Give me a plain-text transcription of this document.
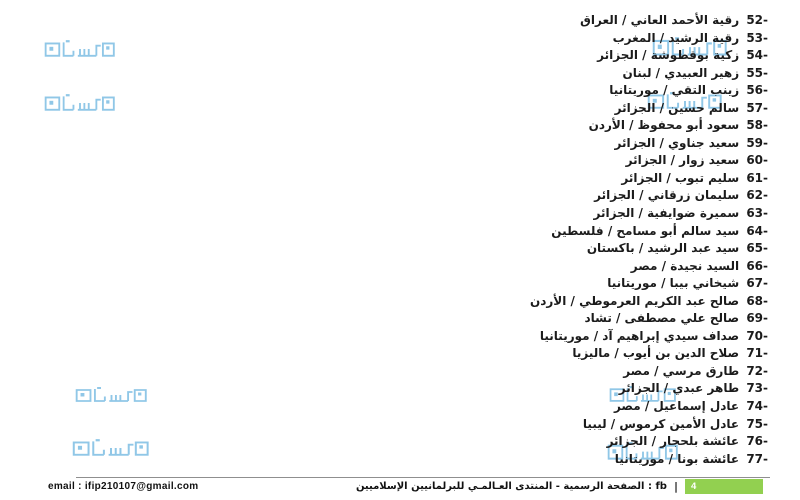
52- رقية الأحمد العاني / العراق
53- رقية الرشيد / المغرب
54- زكية بوقطوشة / الجزائر
55- زهير العبيدي / لبنان
56- زينب التقي / موريتانيا
57- سالم حسين / الجزائر
58- سعود أبو محفوظ / الأردن
59- سعيد جناوي / الجزائر
60- سعيد زوار / الجزائر
61- سليم تبوب / الجزائر
62- سليمان زرقاني / الجزائر
63- سميرة ضوايفية / الجزائر
64- سيد سالم أبو مسامح / فلسطين
65- سيد عبد الرشيد / باكستان
66- السيد نجيدة / مصر
67- شيخاني بيبا / موريتانيا
68- صالح عبد الكريم العرموطي / الأردن
69- صالح علي مصطفى / تشاد
70- صداف سيدي إبراهيم آد / موريتانيا
71- صلاح الدين بن أيوب / ماليزيا
72- طارق مرسي / مصر
73- طاهر عبدي / الجزائر
74- عادل إسماعيل / مصر
75- عادل الأمين كرموس / ليبيا
76- عائشة بلحجار / الجزائر
77- عائشة بونا / موريتانيا
email : ifip210107@gmail.com	fb : الصفحة الرسمية - المنتدى العـالمـي للبرلمانيين الإسلاميين | 4
